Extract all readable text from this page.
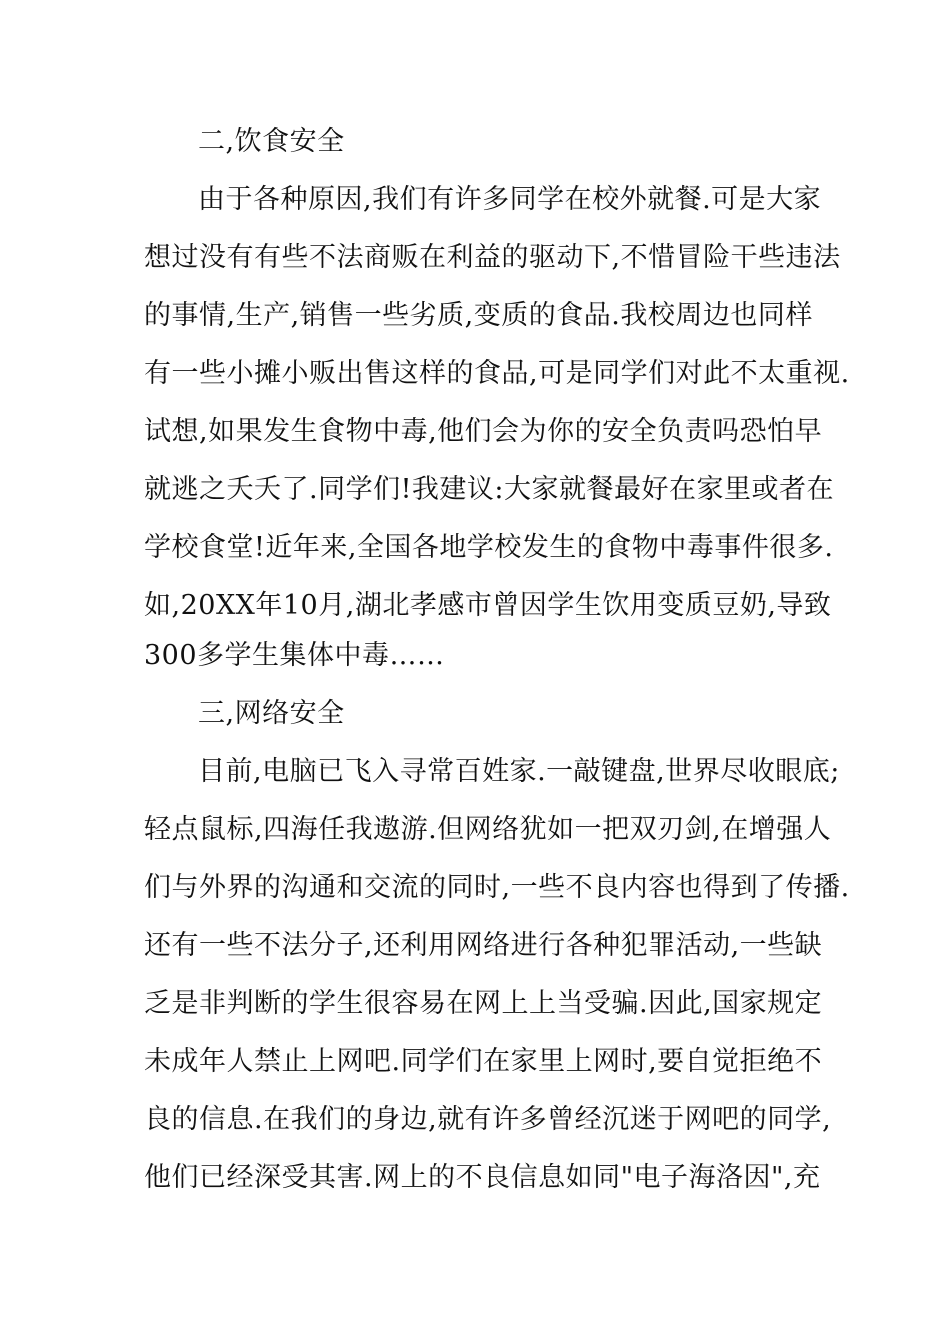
二,饮食安全
由于各种原因,我们有许多同学在校外就餐.可是大家
想过没有有些不法商贩在利益的驱动下,不惜冒险干些违法
的事情,生产,销售一些劣质,变质的食品.我校周边也同样
有一些小摊小贩出售这样的食品,可是同学们对此不太重视.
试想,如果发生食物中毒,他们会为你的安全负责吗恐怕早
就逃之夭夭了.同学们!我建议:大家就餐最好在家里或者在
学校食堂!近年来,全国各地学校发生的食物中毒事件很多.
如,20XX年10月,湖北孝感市曾因学生饮用变质豆奶,导致
300多学生集体中毒……
三,网络安全
目前,电脑已飞入寻常百姓家.一敲键盘,世界尽收眼底;
轻点鼠标,四海任我遨游.但网络犹如一把双刃剑,在增强人
们与外界的沟通和交流的同时,一些不良内容也得到了传播.
还有一些不法分子,还利用网络进行各种犯罪活动,一些缺
乏是非判断的学生很容易在网上上当受骗.因此,国家规定
未成年人禁止上网吧.同学们在家里上网时,要自觉拒绝不
良的信息.在我们的身边,就有许多曾经沉迷于网吧的同学,
他们已经深受其害.网上的不良信息如同"电子海洛因",充
